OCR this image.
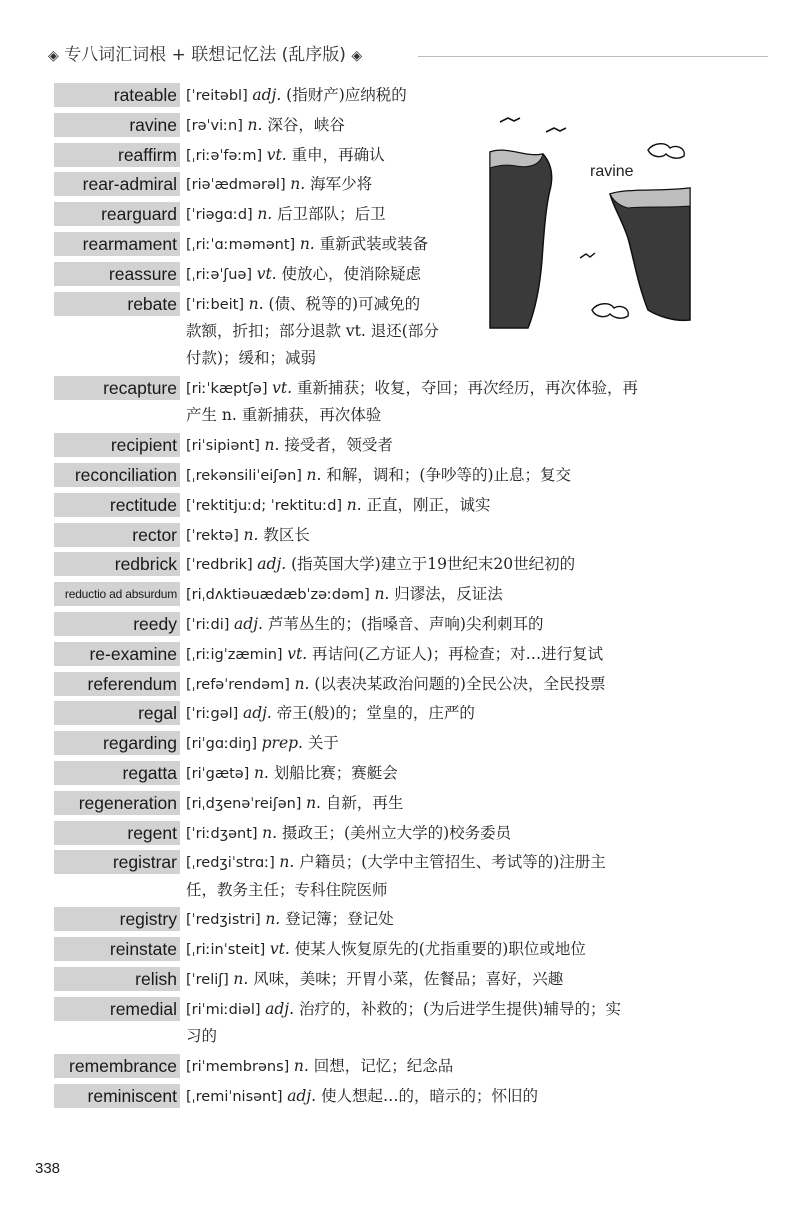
◈ 专八词汇词根 + 联想记忆法 (乱序版) ◈
ravine
rateable [ˈreitəbl] adj. (指财产)应纳税的
ravine [rəˈviːn] n. 深谷，峡谷
reaffirm [ˌriːəˈfəːm] vt. 重申，再确认
rear-admiral [riəˈædmərəl] n. 海军少将
rearguard [ˈriəgɑːd] n. 后卫部队；后卫
rearmament [ˌriːˈɑːməmənt] n. 重新武装或装备
reassure [ˌriːəˈʃuə] vt. 使放心，使消除疑虑
rebate [ˈriːbeit] n. (债、税等的)可减免的
款额，折扣；部分退款 vt. 退还(部分
付款)；缓和；减弱
recapture [riːˈkæptʃə] vt. 重新捕获；收复，夺回；再次经历，再次体验，再
产生 n. 重新捕获，再次体验
recipient [riˈsipiənt] n. 接受者，领受者
reconciliation [ˌrekənsiliˈeiʃən] n. 和解，调和；(争吵等的)止息；复交
rectitude [ˈrektitjuːd; ˈrektituːd] n. 正直，刚正，诚实
rector [ˈrektə] n. 教区长
redbrick [ˈredbrik] adj. (指英国大学)建立于19世纪末20世纪初的
reductio ad absurdum [riˌdʌktiəuædæbˈzəːdəm] n. 归谬法，反证法
reedy [ˈriːdi] adj. 芦苇丛生的；(指嗓音、声响)尖利刺耳的
re-examine [ˌriːigˈzæmin] vt. 再诘问(乙方证人)；再检查；对…进行复试
referendum [ˌrefəˈrendəm] n. (以表决某政治问题的)全民公决，全民投票
regal [ˈriːgəl] adj. 帝王(般)的；堂皇的，庄严的
regarding [riˈgɑːdiŋ] prep. 关于
regatta [riˈgætə] n. 划船比赛；赛艇会
regeneration [riˌdʒenəˈreiʃən] n. 自新，再生
regent [ˈriːdʒənt] n. 摄政王；(美州立大学的)校务委员
registrar [ˌredʒiˈstrɑː] n. 户籍员；(大学中主管招生、考试等的)注册主
任，教务主任；专科住院医师
registry [ˈredʒistri] n. 登记簿；登记处
reinstate [ˌriːinˈsteit] vt. 使某人恢复原先的(尤指重要的)职位或地位
relish [ˈreliʃ] n. 风味，美味；开胃小菜，佐餐品；喜好，兴趣
remedial [riˈmiːdiəl] adj. 治疗的，补救的；(为后进学生提供)辅导的；实
习的
remembrance [riˈmembrəns] n. 回想，记忆；纪念品
reminiscent [ˌremiˈnisənt] adj. 使人想起…的，暗示的；怀旧的
338
